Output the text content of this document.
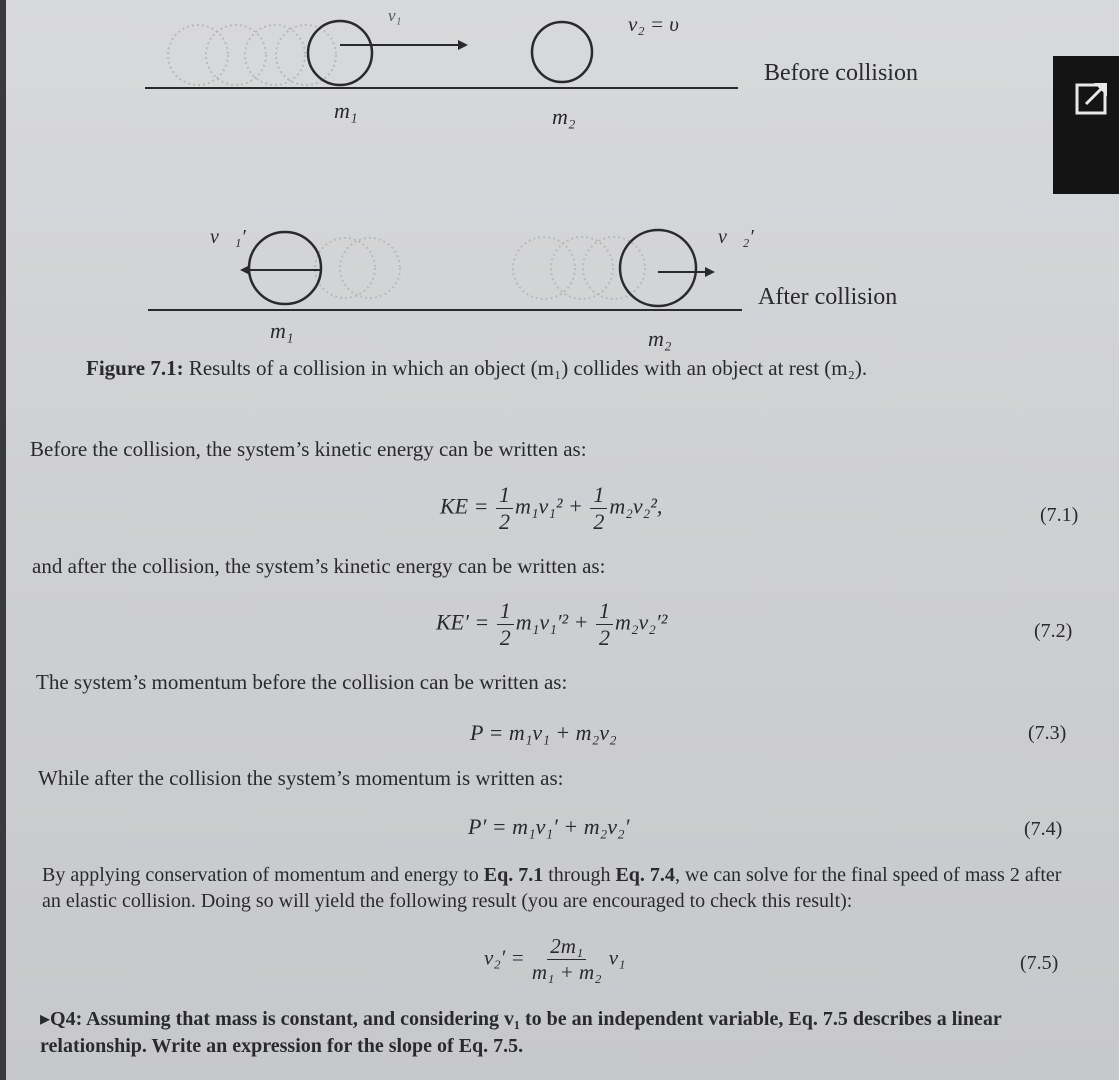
v₁	v₂ = υ
Before collision
m₁	m₂
v⃗₁′	v⃗₂′
After collision
m₁	m₂
Figure 7.1: Results of a collision in which an object (m₁) collides with an object at rest (m₂).
Before the collision, the system’s kinetic energy can be written as:
KE = $\frac{1}{2} m_1v_1^2 + \frac{1}{2} m_2v_2^2$,	(7.1)
and after the collision, the system’s kinetic energy can be written as:
$KE' = \frac{1}{2} m_1v_1'^2 + \frac{1}{2} m_2v_2'^2$	(7.2)
The system’s momentum before the collision can be written as:
P = m₁v₁ + m₂v₂	(7.3)
While after the collision the system’s momentum is written as:
P′ = m₁v₁′ + m₂v₂′	(7.4)
By applying conservation of momentum and energy to Eq. 7.1 through Eq. 7.4, we can solve for the final speed of mass 2 after an elastic collision. Doing so will yield the following result (you are encouraged to check this result):
$v_2' = \frac{\text{2m₁}}{\text{m₁ + m₂}} v_1$	(7.5)
▸Q4: Assuming that mass is constant, and considering v₁ to be an independent variable, Eq. 7.5 describes a linear relationship. Write an expression for the slope of Eq. 7.5.
